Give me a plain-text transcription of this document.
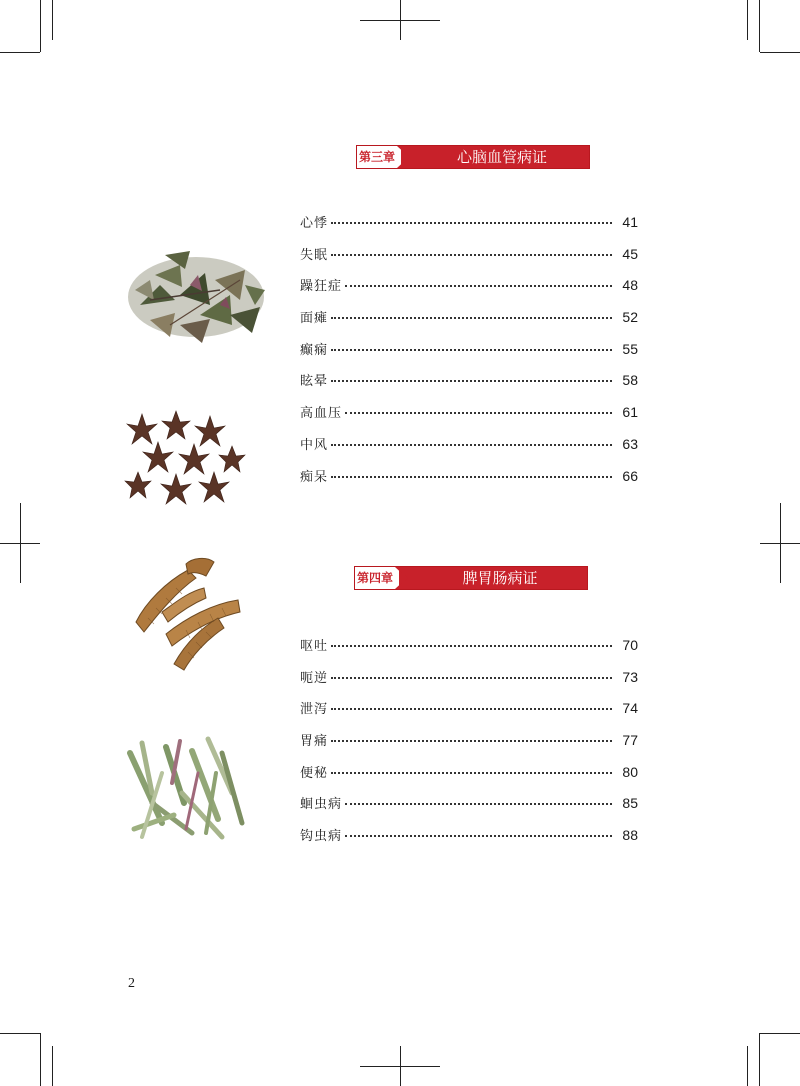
第三章	心脑血管病证
心悸	41
失眠	45
躁狂症	48
面瘫	52
癫痫	55
眩晕	58
高血压	61
中风	63
痴呆	66
第四章	脾胃肠病证
呕吐	70
呃逆	73
泄泻	74
胃痛	77
便秘	80
蛔虫病	85
钩虫病	88
2
